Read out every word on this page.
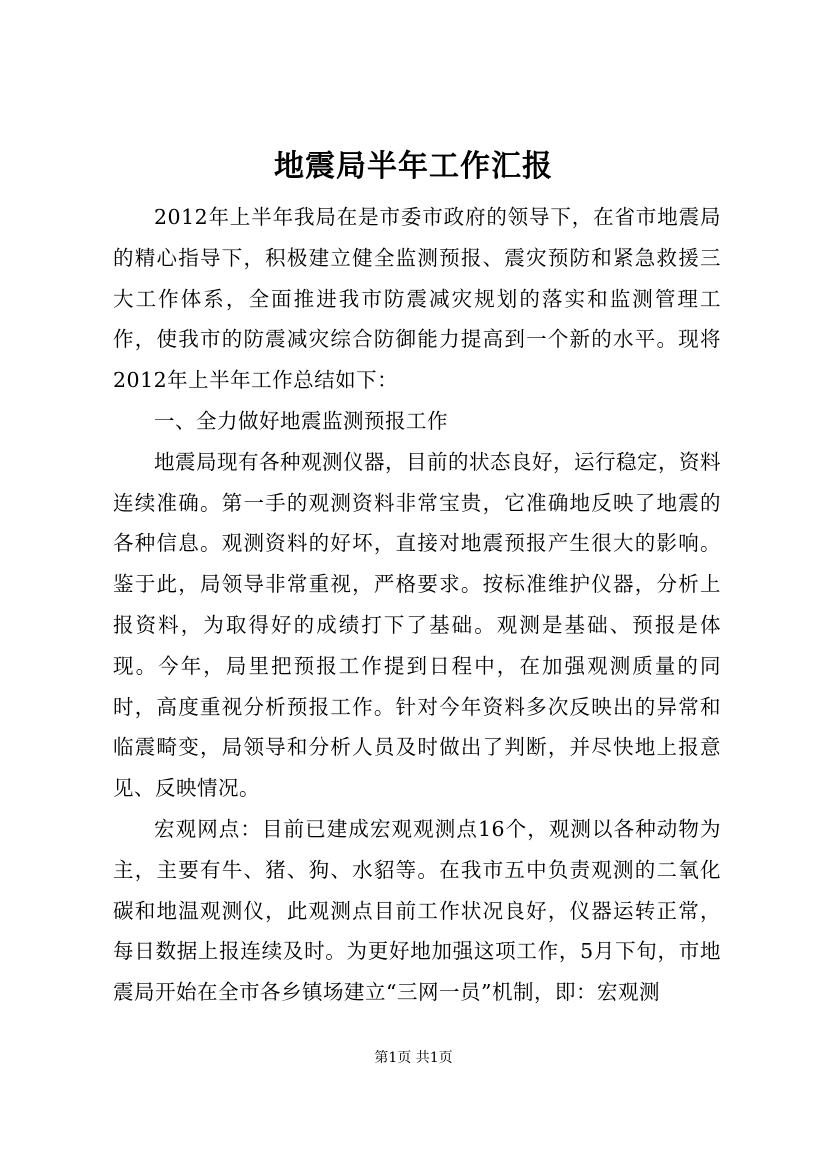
地震局半年工作汇报

2012年上半年我局在是市委市政府的领导下，在省市地震局的精心指导下，积极建立健全监测预报、震灾预防和紧急救援三大工作体系，全面推进我市防震减灾规划的落实和监测管理工作，使我市的防震减灾综合防御能力提高到一个新的水平。现将2012年上半年工作总结如下：

一、全力做好地震监测预报工作

地震局现有各种观测仪器，目前的状态良好，运行稳定，资料连续准确。第一手的观测资料非常宝贵，它准确地反映了地震的各种信息。观测资料的好坏，直接对地震预报产生很大的影响。鉴于此，局领导非常重视，严格要求。按标准维护仪器，分析上报资料，为取得好的成绩打下了基础。观测是基础、预报是体现。今年，局里把预报工作提到日程中，在加强观测质量的同时，高度重视分析预报工作。针对今年资料多次反映出的异常和临震畸变，局领导和分析人员及时做出了判断，并尽快地上报意见、反映情况。

宏观网点：目前已建成宏观观测点16个，观测以各种动物为主，主要有牛、猪、狗、水貂等。在我市五中负责观测的二氧化碳和地温观测仪，此观测点目前工作状况良好，仪器运转正常，每日数据上报连续及时。为更好地加强这项工作，5月下旬，市地震局开始在全市各乡镇场建立“三网一员”机制，即：宏观测

第1页 共1页
